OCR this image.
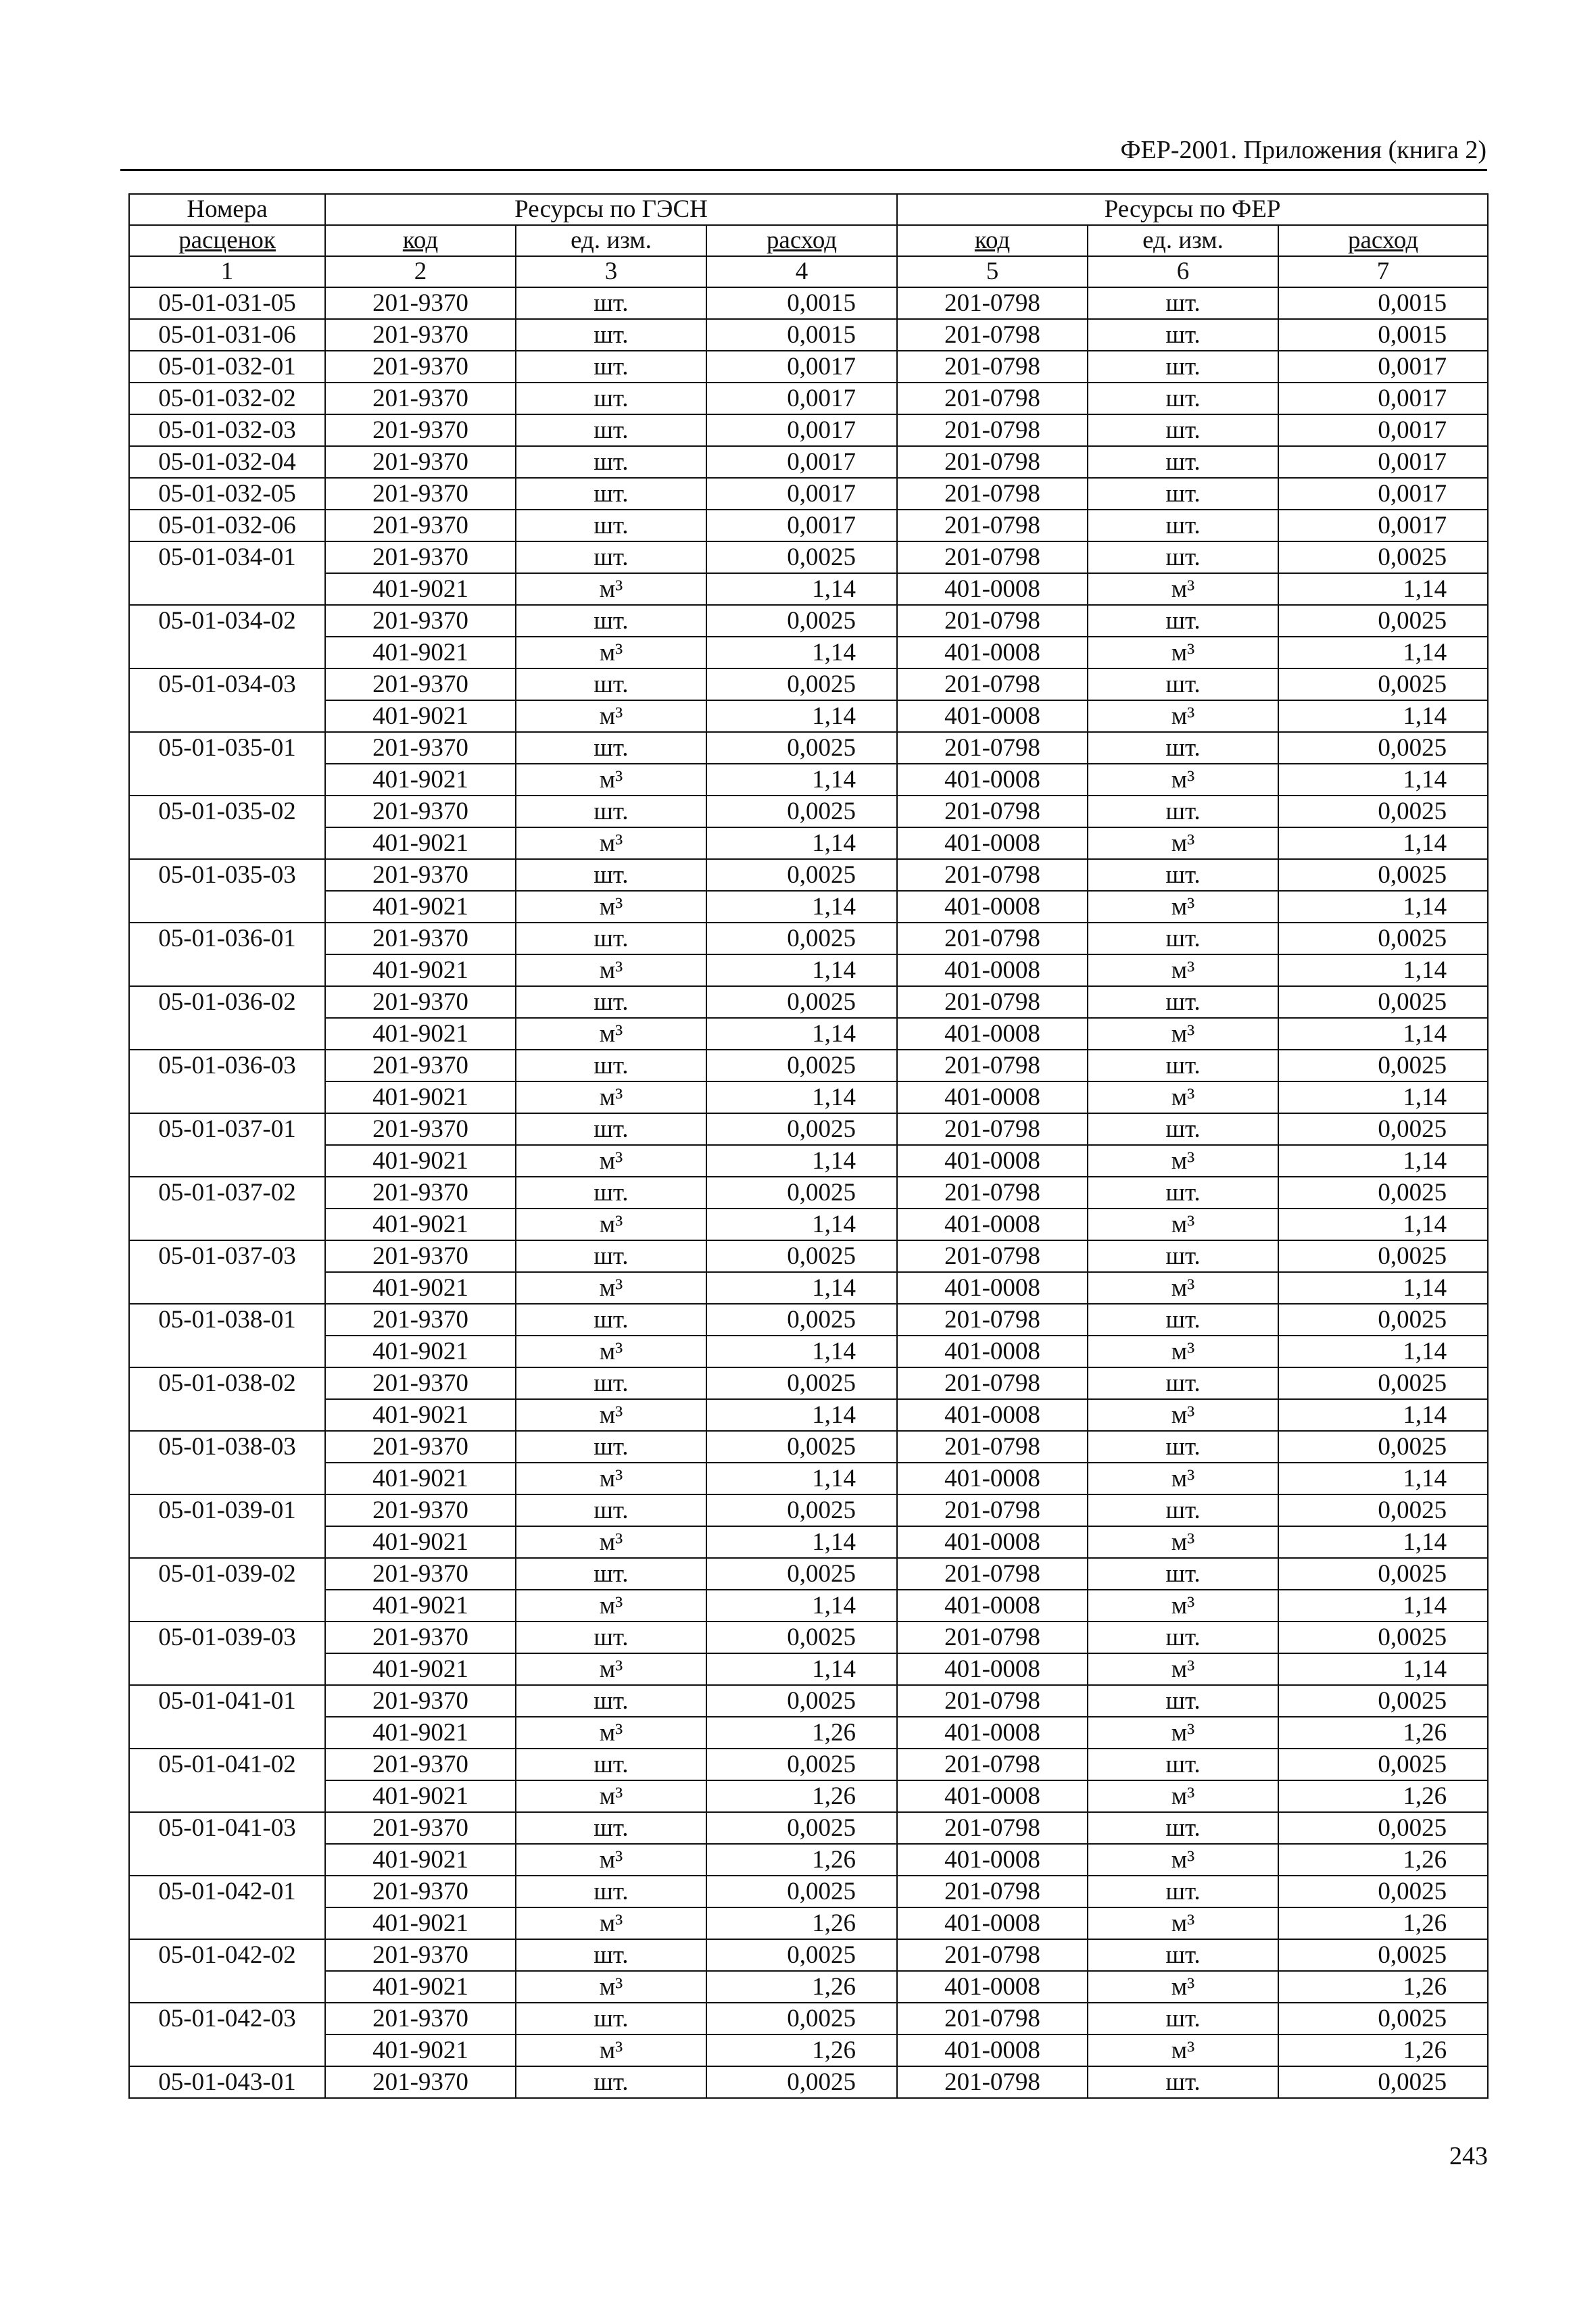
ФЕР-2001. Приложения (книга 2)
Номера	Ресурсы по ГЭСН			Ресурсы по ФЕР		
расценок	код	ед. изм.	расход	код	ед. изм.	расход
1	2	3	4	5	6	7
05-01-031-05	201-9370	шт.	0,0015	201-0798	шт.	0,0015
05-01-031-06	201-9370	шт.	0,0015	201-0798	шт.	0,0015
05-01-032-01	201-9370	шт.	0,0017	201-0798	шт.	0,0017
05-01-032-02	201-9370	шт.	0,0017	201-0798	шт.	0,0017
05-01-032-03	201-9370	шт.	0,0017	201-0798	шт.	0,0017
05-01-032-04	201-9370	шт.	0,0017	201-0798	шт.	0,0017
05-01-032-05	201-9370	шт.	0,0017	201-0798	шт.	0,0017
05-01-032-06	201-9370	шт.	0,0017	201-0798	шт.	0,0017
05-01-034-01	201-9370	шт.	0,0025	201-0798	шт.	0,0025
	401-9021	м³	1,14	401-0008	м³	1,14
05-01-034-02	201-9370	шт.	0,0025	201-0798	шт.	0,0025
	401-9021	м³	1,14	401-0008	м³	1,14
05-01-034-03	201-9370	шт.	0,0025	201-0798	шт.	0,0025
	401-9021	м³	1,14	401-0008	м³	1,14
05-01-035-01	201-9370	шт.	0,0025	201-0798	шт.	0,0025
	401-9021	м³	1,14	401-0008	м³	1,14
05-01-035-02	201-9370	шт.	0,0025	201-0798	шт.	0,0025
	401-9021	м³	1,14	401-0008	м³	1,14
05-01-035-03	201-9370	шт.	0,0025	201-0798	шт.	0,0025
	401-9021	м³	1,14	401-0008	м³	1,14
05-01-036-01	201-9370	шт.	0,0025	201-0798	шт.	0,0025
	401-9021	м³	1,14	401-0008	м³	1,14
05-01-036-02	201-9370	шт.	0,0025	201-0798	шт.	0,0025
	401-9021	м³	1,14	401-0008	м³	1,14
05-01-036-03	201-9370	шт.	0,0025	201-0798	шт.	0,0025
	401-9021	м³	1,14	401-0008	м³	1,14
05-01-037-01	201-9370	шт.	0,0025	201-0798	шт.	0,0025
	401-9021	м³	1,14	401-0008	м³	1,14
05-01-037-02	201-9370	шт.	0,0025	201-0798	шт.	0,0025
	401-9021	м³	1,14	401-0008	м³	1,14
05-01-037-03	201-9370	шт.	0,0025	201-0798	шт.	0,0025
	401-9021	м³	1,14	401-0008	м³	1,14
05-01-038-01	201-9370	шт.	0,0025	201-0798	шт.	0,0025
	401-9021	м³	1,14	401-0008	м³	1,14
05-01-038-02	201-9370	шт.	0,0025	201-0798	шт.	0,0025
	401-9021	м³	1,14	401-0008	м³	1,14
05-01-038-03	201-9370	шт.	0,0025	201-0798	шт.	0,0025
	401-9021	м³	1,14	401-0008	м³	1,14
05-01-039-01	201-9370	шт.	0,0025	201-0798	шт.	0,0025
	401-9021	м³	1,14	401-0008	м³	1,14
05-01-039-02	201-9370	шт.	0,0025	201-0798	шт.	0,0025
	401-9021	м³	1,14	401-0008	м³	1,14
05-01-039-03	201-9370	шт.	0,0025	201-0798	шт.	0,0025
	401-9021	м³	1,14	401-0008	м³	1,14
05-01-041-01	201-9370	шт.	0,0025	201-0798	шт.	0,0025
	401-9021	м³	1,26	401-0008	м³	1,26
05-01-041-02	201-9370	шт.	0,0025	201-0798	шт.	0,0025
	401-9021	м³	1,26	401-0008	м³	1,26
05-01-041-03	201-9370	шт.	0,0025	201-0798	шт.	0,0025
	401-9021	м³	1,26	401-0008	м³	1,26
05-01-042-01	201-9370	шт.	0,0025	201-0798	шт.	0,0025
	401-9021	м³	1,26	401-0008	м³	1,26
05-01-042-02	201-9370	шт.	0,0025	201-0798	шт.	0,0025
	401-9021	м³	1,26	401-0008	м³	1,26
05-01-042-03	201-9370	шт.	0,0025	201-0798	шт.	0,0025
	401-9021	м³	1,26	401-0008	м³	1,26
05-01-043-01	201-9370	шт.	0,0025	201-0798	шт.	0,0025
243
